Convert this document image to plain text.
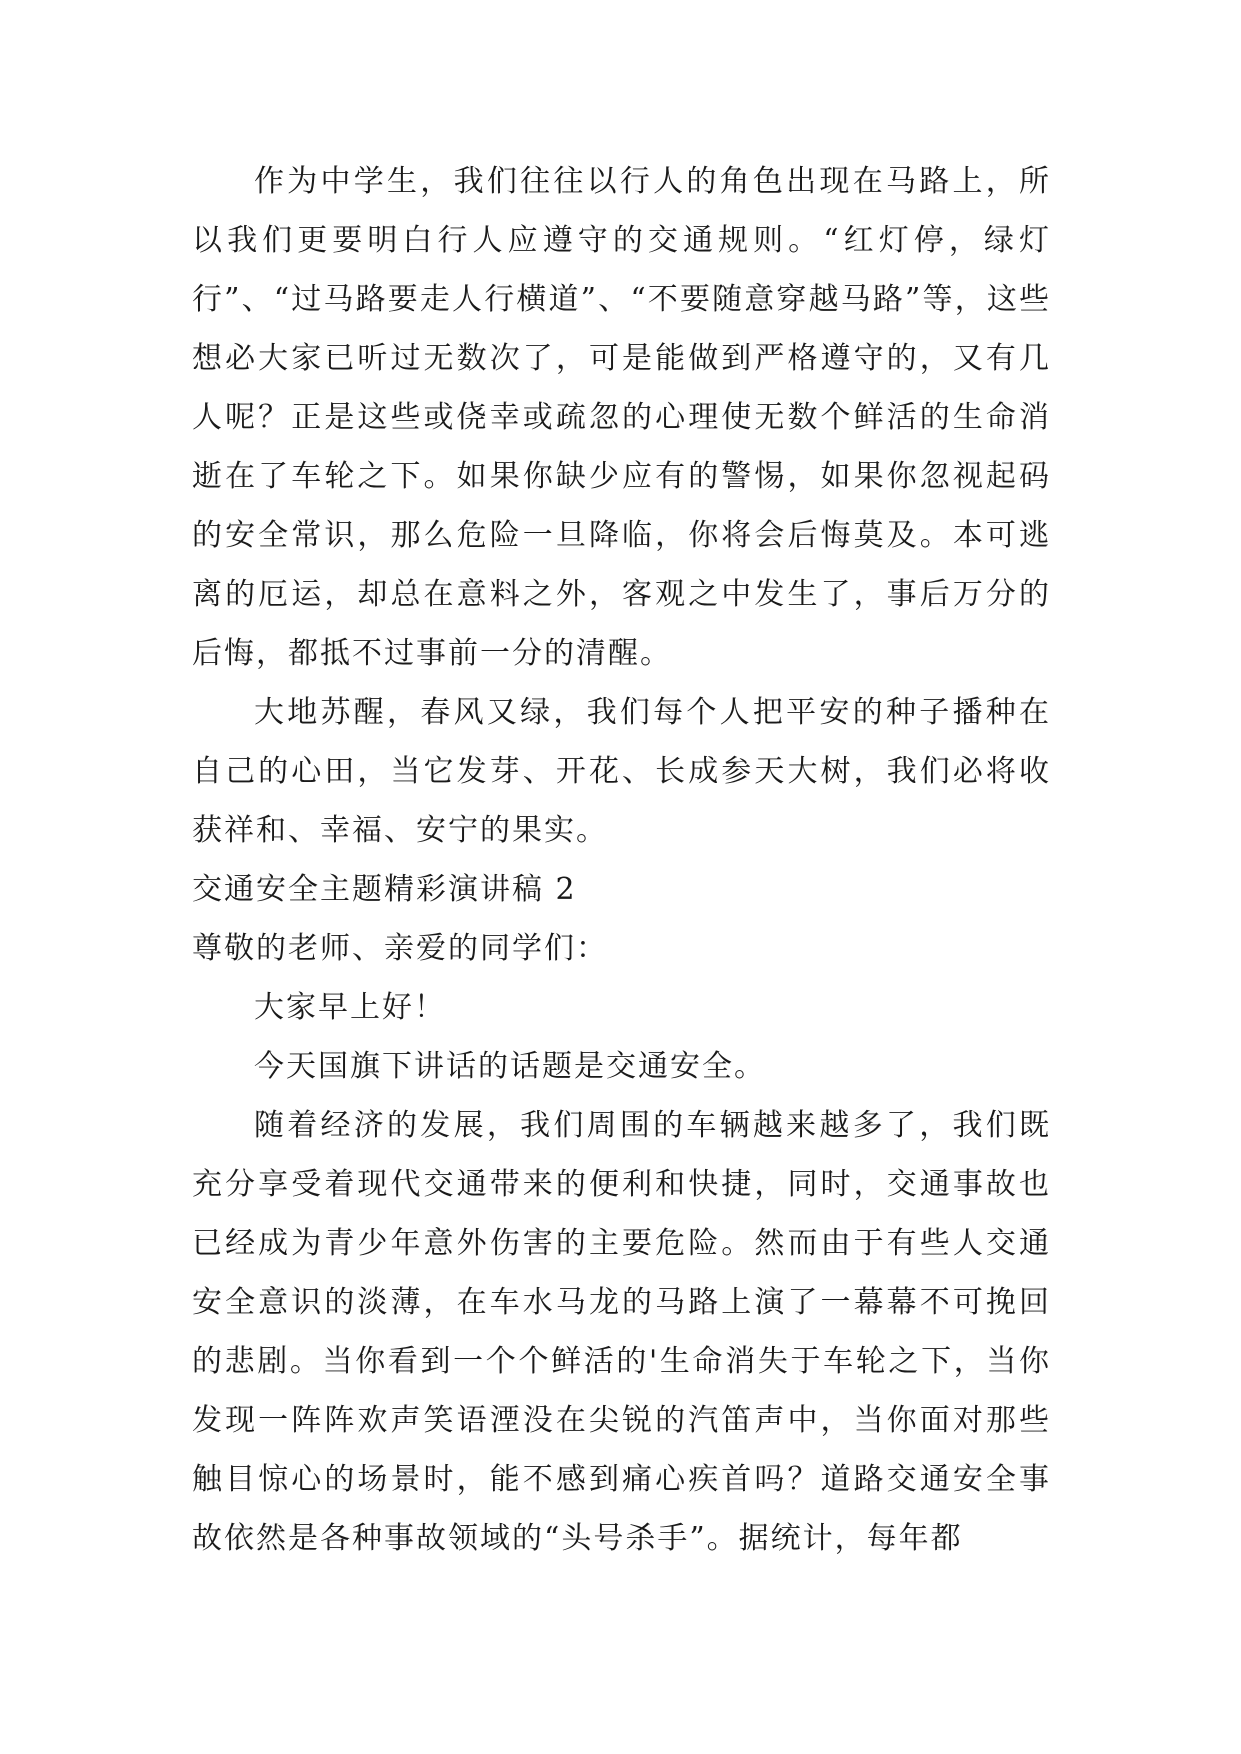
作为中学生，我们往往以行人的角色出现在马路上，所以我们更要明白行人应遵守的交通规则。“红灯停，绿灯行”、“过马路要走人行横道”、“不要随意穿越马路”等，这些想必大家已听过无数次了，可是能做到严格遵守的，又有几人呢？正是这些或侥幸或疏忽的心理使无数个鲜活的生命消逝在了车轮之下。如果你缺少应有的警惕，如果你忽视起码的安全常识，那么危险一旦降临，你将会后悔莫及。本可逃离的厄运，却总在意料之外，客观之中发生了，事后万分的后悔，都抵不过事前一分的清醒。

大地苏醒，春风又绿，我们每个人把平安的种子播种在自己的心田，当它发芽、开花、长成参天大树，我们必将收获祥和、幸福、安宁的果实。

交通安全主题精彩演讲稿 2

尊敬的老师、亲爱的同学们：

大家早上好！

今天国旗下讲话的话题是交通安全。

随着经济的发展，我们周围的车辆越来越多了，我们既充分享受着现代交通带来的便利和快捷，同时，交通事故也已经成为青少年意外伤害的主要危险。然而由于有些人交通安全意识的淡薄，在车水马龙的马路上演了一幕幕不可挽回的悲剧。当你看到一个个鲜活的'生命消失于车轮之下，当你发现一阵阵欢声笑语湮没在尖锐的汽笛声中，当你面对那些触目惊心的场景时，能不感到痛心疾首吗？道路交通安全事故依然是各种事故领域的“头号杀手”。据统计，每年都
